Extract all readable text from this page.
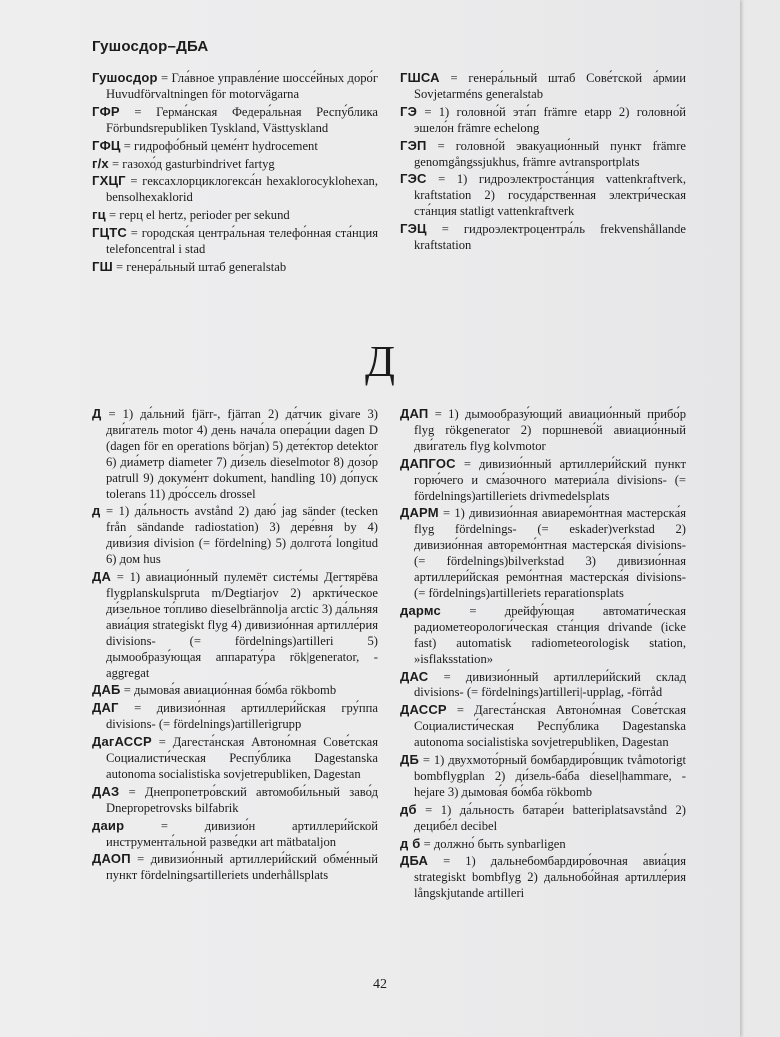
Гушосдор–ДБА

Гушосдор = Гла́вное управле́ние шоссе́йных доро́г Huvudförvaltningen för motorvägarna

ГФР = Герма́нская Федера́льная Респу́блика Förbundsrepubliken Tyskland, Västtyskland

ГФЦ = гидрофо́бный цеме́нт hydrocement

г/х = газохо́д gasturbindrivet fartyg

ГХЦГ = гексахлорциклогекса́н hexaklorocyklohexan, bensolhexaklorid

гц = герц el hertz, perioder per sekund

ГЦТС = городска́я центра́льная телефо́нная ста́нция telefoncentral i stad

ГШ = генера́льный штаб generalstab

ГШСА = генера́льный штаб Сове́тской а́рмии Sovjetarméns generalstab

ГЭ = 1) головно́й эта́п främre etapp 2) головно́й эшело́н främre echelong

ГЭП = головно́й эвакуацио́нный пункт främre genomgångssjukhus, främre avtransportplats

ГЭС = 1) гидроэлектроста́нция vattenkraftverk, kraftstation 2) госуда́рственная электри́ческая ста́нция statligt vattenkraftverk

ГЭЦ = гидроэлектроцентра́ль frekvenshållande kraftstation

Д

Д = 1) да́льний fjärr-, fjärran 2) да́тчик givare 3) дви́гатель motor 4) день нача́ла опера́ции dagen D (dagen för en operations början) 5) дете́ктор detektor 6) диа́метр diameter 7) ди́зель dieselmotor 8) дозо́р patrull 9) докуме́нт dokument, handling 10) до́пуск tolerans 11) дро́ссель drossel

д = 1) да́льность avstånd 2) даю́ jag sänder (tecken från sändande radiostation) 3) дере́вня by 4) диви́зия division (= fördelning) 5) долгота́ longitud 6) дом hus

ДА = 1) авиацио́нный пулемёт систе́мы Дегтярёва flygplanskulspruta m/Degtiarjov 2) аркти́ческое ди́зельное то́пливо dieselbrännolja arctic 3) да́льняя авиа́ция strategiskt flyg 4) дивизио́нная артилле́рия divisions- (= fördelnings)artilleri 5) дымообразу́ющая аппарату́ра rök|generator, -aggregat

ДАБ = дымова́я авиацио́нная бо́мба rökbomb

ДАГ = дивизио́нная артиллери́йская гру́ппа divisions- (= fördelnings)artillerigrupp

ДагАССР = Дагеста́нская Автоно́мная Сове́тская Социалисти́ческая Респу́блика Dagestanska autonoma socialistiska sovjetrepubliken, Dagestan

ДАЗ = Днепропетро́вский автомоби́льный заво́д Dnepropetrovsks bilfabrik

даир = дивизио́н артиллери́йской инструмента́льной разве́дки art mätbataljon

ДАОП = дивизио́нный артиллери́йский обме́нный пункт fördelningsartilleriets underhållsplats

ДАП = 1) дымообразу́ющий авиацио́нный прибо́р flyg rökgenerator 2) поршнево́й авиацио́нный дви́гатель flyg kolvmotor

ДАПГОС = дивизио́нный артиллери́йский пункт горю́чего и сма́зочного материа́ла divisions- (= fördelnings)artilleriets drivmedelsplats

ДАРМ = 1) дивизио́нная авиаремо́нтная мастерска́я flyg fördelnings- (= eskader)verkstad 2) дивизио́нная авторемо́нтная мастерска́я divisions- (= fördelnings)bilverkstad 3) дивизио́нная артиллери́йская ремо́нтная мастерска́я divisions- (= fördelnings)artilleriets reparationsplats

дармс = дрейфу́ющая автомати́ческая радиометеорологи́ческая ста́нция drivande (icke fast) automatisk radiometeorologisk station, »isflaksstation»

ДАС = дивизио́нный артиллери́йский склад divisions- (= fördelnings)artilleri|-upplag, -förråd

ДАССР = Дагеста́нская Автоно́мная Сове́тская Социалисти́ческая Респу́блика Dagestanska autonoma socialistiska sovjetrepubliken, Dagestan

ДБ = 1) двухмото́рный бомбардиро́вщик tvåmotorigt bombflygplan 2) ди́зель-ба́ба diesel|hammare, -hejare 3) дымова́я бо́мба rökbomb

дб = 1) да́льность батаре́и batteriplatsavstånd 2) децибе́л decibel

д б = должно́ быть synbarligen

ДБА = 1) дальнебомбардиро́вочная авиа́ция strategiskt bombflyg 2) дальнобо́йная артилле́рия långskjutande artilleri

42
